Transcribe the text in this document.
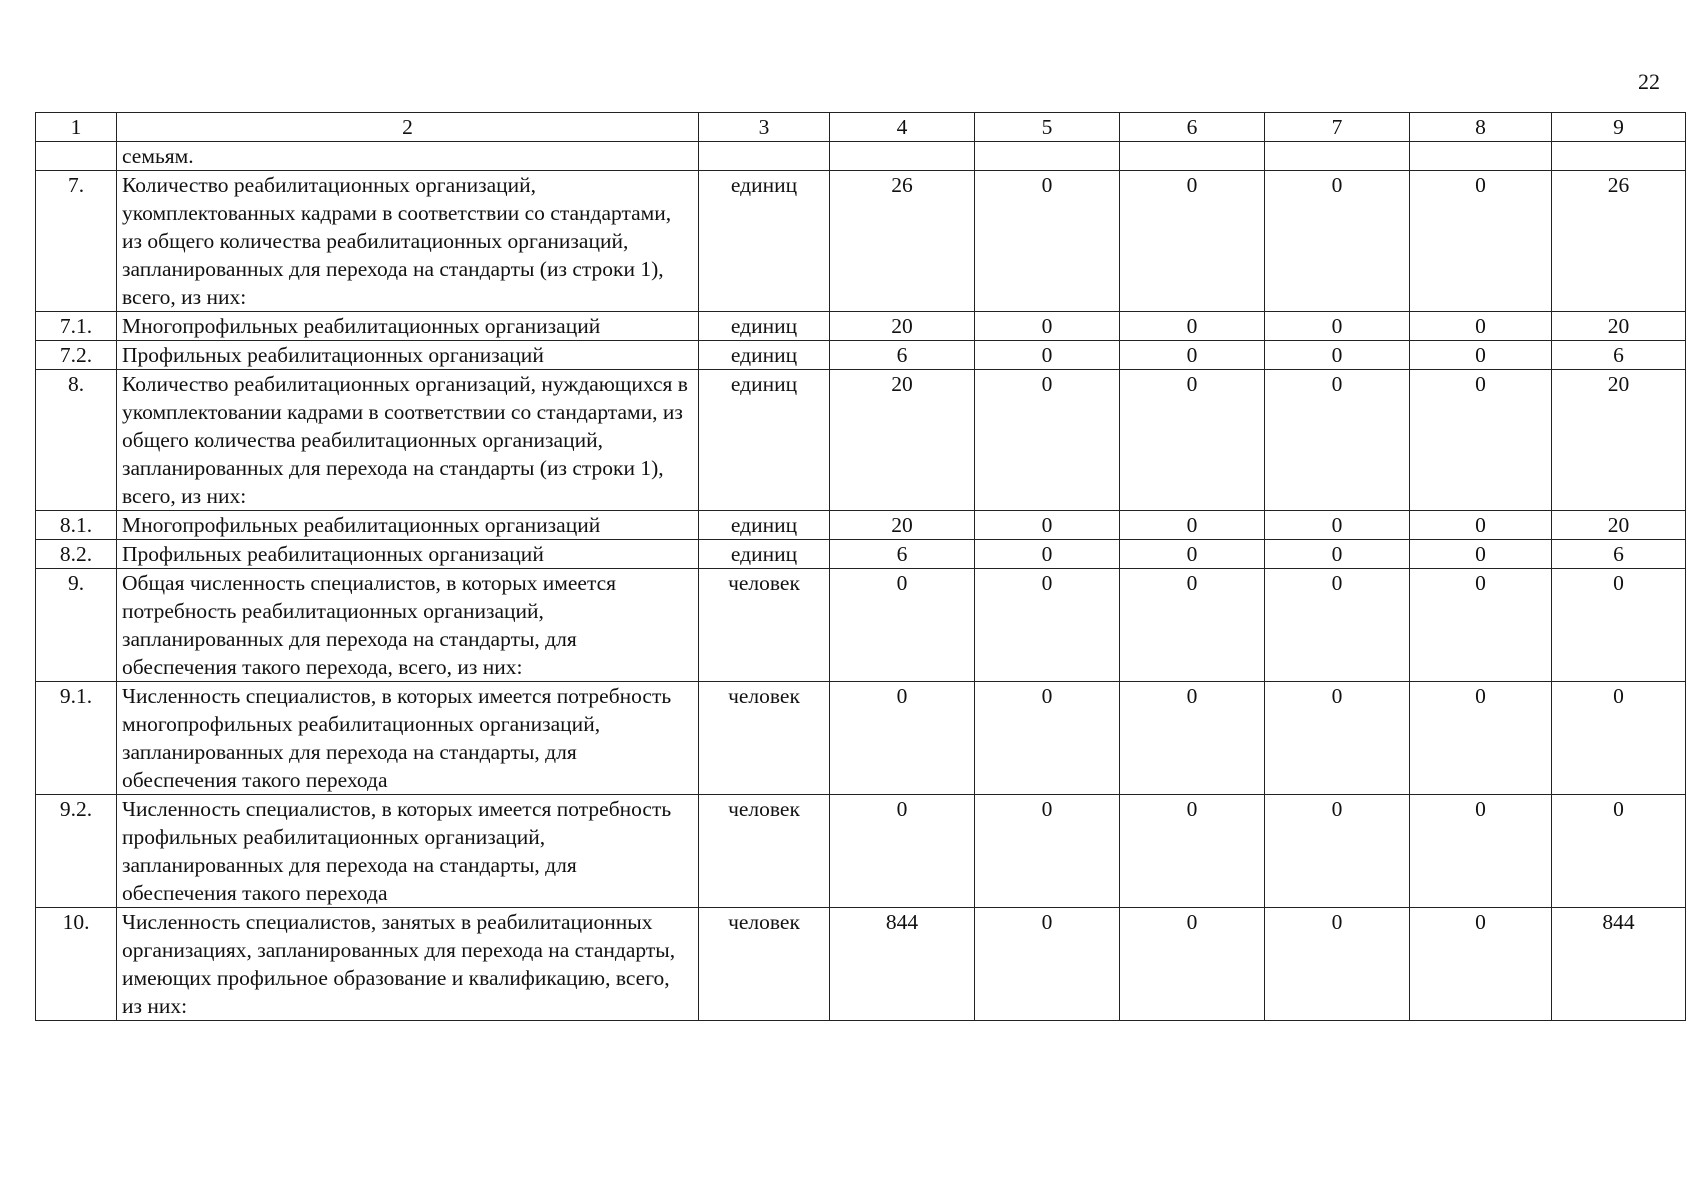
22
1	2	3	4	5	6	7	8	9
	семьям.							
7.	Количество реабилитационных организаций, укомплектованных кадрами в соответствии со стандартами, из общего количества реабилитационных организаций, запланированных для перехода на стандарты (из строки 1), всего, из них:	единиц	26	0	0	0	0	26
7.1.	Многопрофильных реабилитационных организаций	единиц	20	0	0	0	0	20
7.2.	Профильных реабилитационных организаций	единиц	6	0	0	0	0	6
8.	Количество реабилитационных организаций, нуждающихся в укомплектовании кадрами в соответствии со стандартами, из общего количества реабилитационных организаций, запланированных для перехода на стандарты (из строки 1), всего, из них:	единиц	20	0	0	0	0	20
8.1.	Многопрофильных реабилитационных организаций	единиц	20	0	0	0	0	20
8.2.	Профильных реабилитационных организаций	единиц	6	0	0	0	0	6
9.	Общая численность специалистов, в которых имеется потребность реабилитационных организаций, запланированных для перехода на стандарты, для обеспечения такого перехода, всего, из них:	человек	0	0	0	0	0	0
9.1.	Численность специалистов, в которых имеется потребность многопрофильных реабилитационных организаций, запланированных для перехода на стандарты, для обеспечения такого перехода	человек	0	0	0	0	0	0
9.2.	Численность специалистов, в которых имеется потребность профильных реабилитационных организаций, запланированных для перехода на стандарты, для обеспечения такого перехода	человек	0	0	0	0	0	0
10.	Численность специалистов, занятых в реабилитационных организациях, запланированных для перехода на стандарты, имеющих профильное образование и квалификацию, всего, из них:	человек	844	0	0	0	0	844
